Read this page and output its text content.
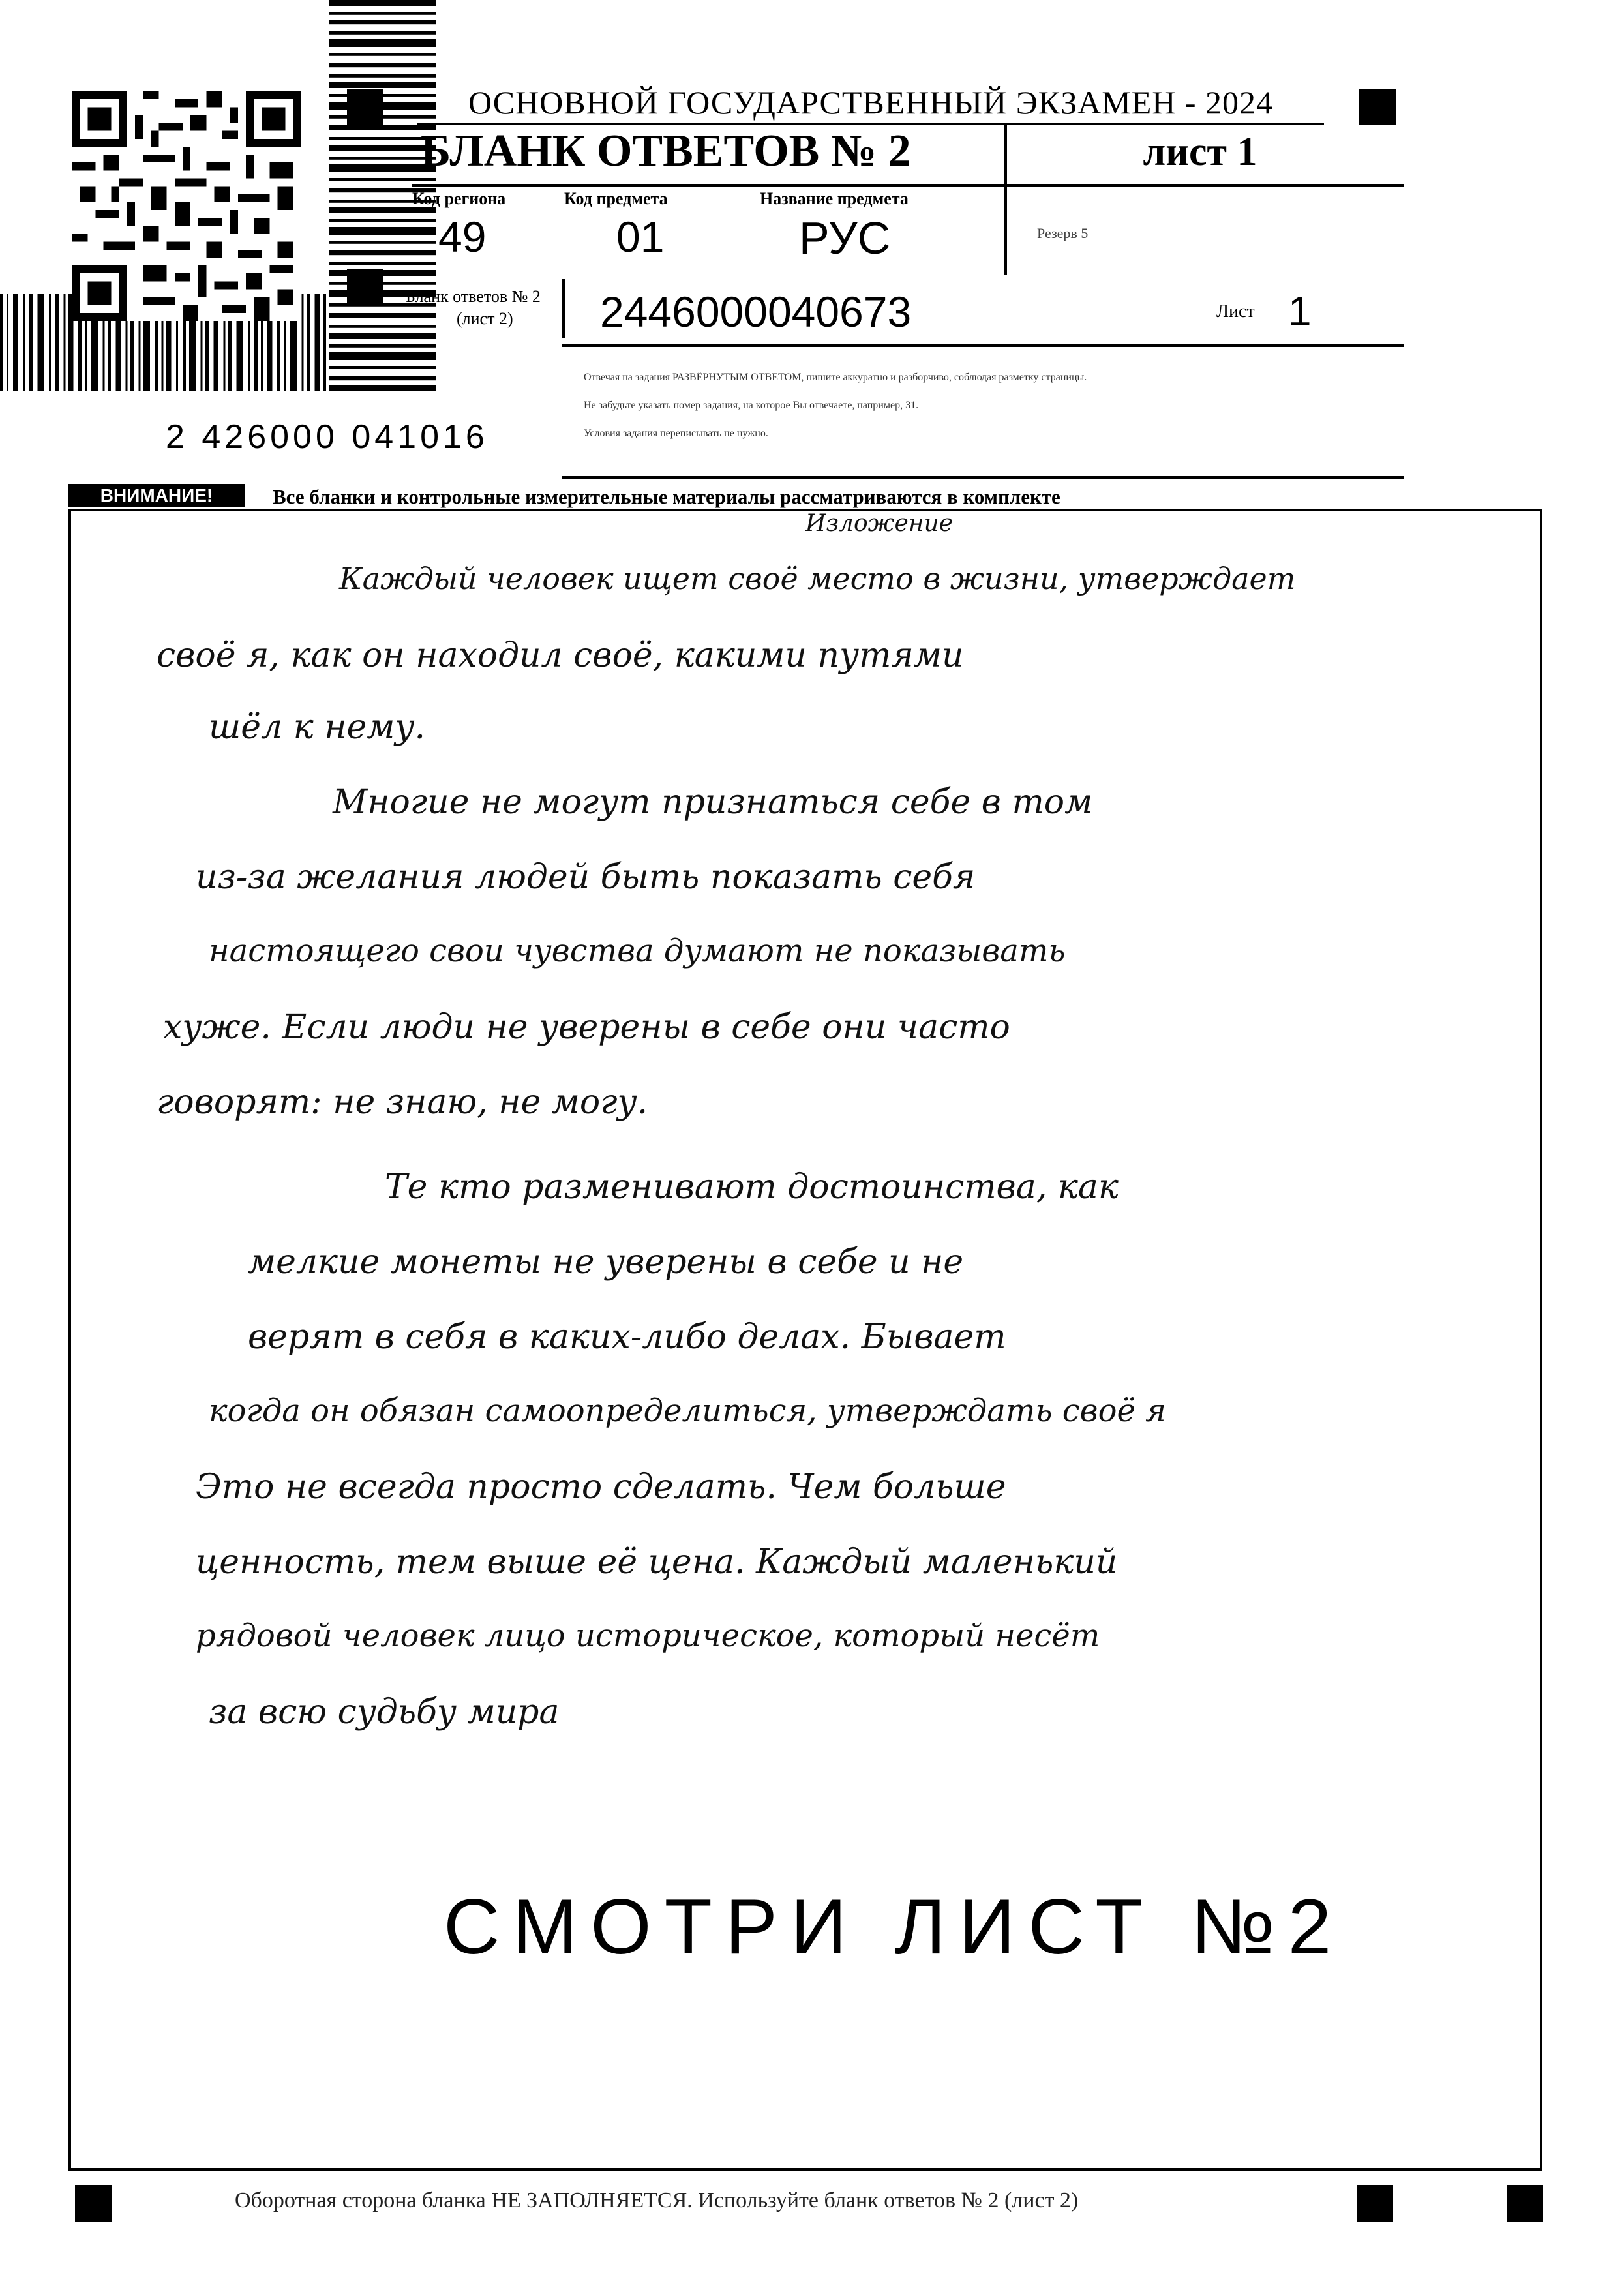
ОСНОВНОЙ ГОСУДАРСТВЕННЫЙ ЭКЗАМЕН - 2024
БЛАНК ОТВЕТОВ № 2	лист 1
Код региона
49
Код предмета
01
Название предмета
РУС	Резерв 5
Бланк ответов № 2
(лист 2) 2446000040673	Лист 1
Отвечая на задания РАЗВЁРНУТЫМ ОТВЕТОМ, пишите аккуратно и разборчиво, соблюдая разметку страницы.
Не забудьте указать номер задания, на которое Вы отвечаете, например, 31.
Условия задания переписывать не нужно.

2 426000 041016
ВНИМАНИЕ!	Все бланки и контрольные измерительные материалы рассматриваются в комплекте
Изложение
Каждый человек ищет своё место в жизни, утверждает
своё я, как он находил своё, какими путями
шёл к нему.
Многие не могут признаться себе в том
из-за желания людей быть показать себя
настоящего свои чувства думают не показывать
хуже. Если люди не уверены в себе они часто
говорят: не знаю, не могу.
Те кто разменивают достоинства, как
мелкие монеты не уверены в себе и не
верят в себя в каких-либо делах. Бывает
когда он обязан самоопределиться, утверждать своё я
Это не всегда просто сделать. Чем больше
ценность, тем выше её цена. Каждый маленький
рядовой человек лицо историческое, который несёт
за всю судьбу мира
СМОТРИ ЛИСТ №2
Оборотная сторона бланка НЕ ЗАПОЛНЯЕТСЯ. Используйте бланк ответов № 2 (лист 2)
